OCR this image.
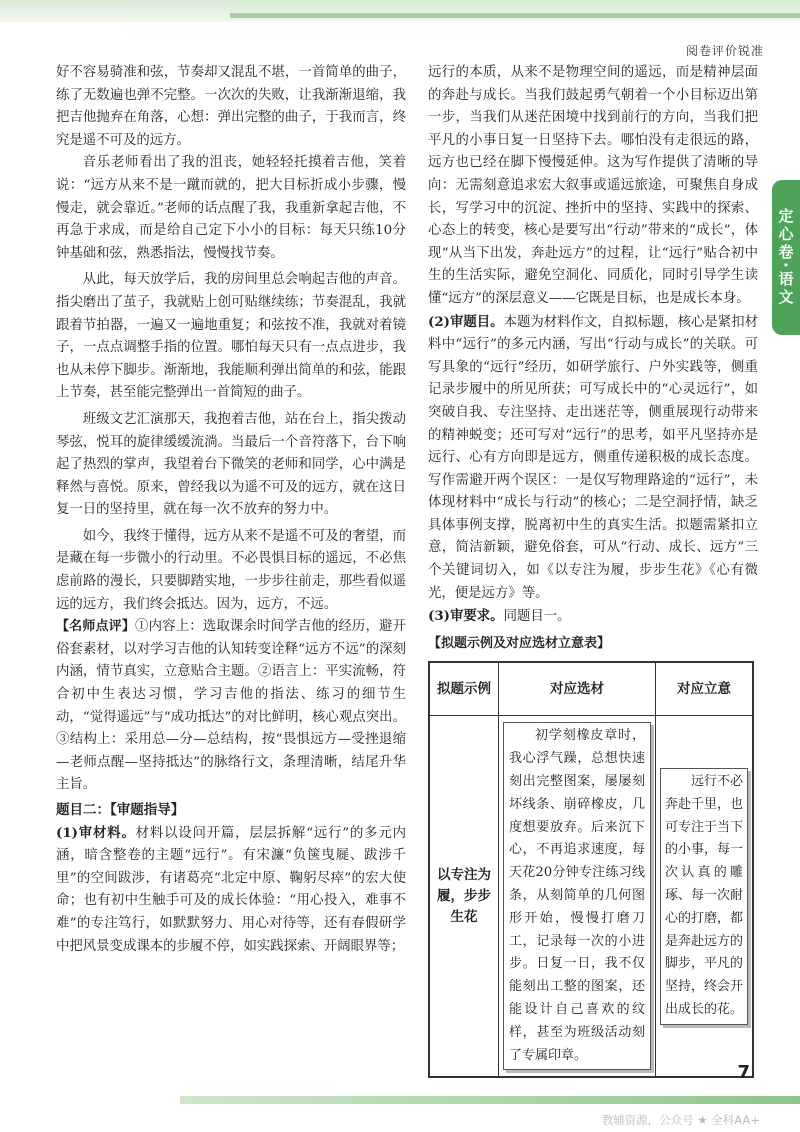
阅卷评价锐准
定心卷·语文

好不容易骑准和弦，节奏却又混乱不堪，一首简单的曲子，练了无数遍也弹不完整。一次次的失败，让我渐渐退缩，我把吉他抛弃在角落，心想：弹出完整的曲子，于我而言，终究是遥不可及的远方。

音乐老师看出了我的沮丧，她轻轻托摸着吉他，笑着说：“远方从来不是一蹴而就的，把大目标折成小步骤，慢慢走，就会靠近。”老师的话点醒了我，我重新拿起吉他，不再急于求成，而是给自己定下小小的目标：每天只练10分钟基础和弦，熟悉指法，慢慢找节奏。

从此，每天放学后，我的房间里总会响起吉他的声音。指尖磨出了茧子，我就贴上创可贴继续练；节奏混乱，我就跟着节拍器，一遍又一遍地重复；和弦按不准，我就对着镜子，一点点调整手指的位置。哪怕每天只有一点点进步，我也从未停下脚步。渐渐地，我能顺利弹出简单的和弦，能跟上节奏，甚至能完整弹出一首简短的曲子。

班级文艺汇演那天，我抱着吉他，站在台上，指尖拨动琴弦，悦耳的旋律缓缓流淌。当最后一个音符落下，台下响起了热烈的掌声，我望着台下微笑的老师和同学，心中满是释然与喜悦。原来，曾经我以为遥不可及的远方，就在这日复一日的坚持里，就在每一次不放弃的努力中。

如今，我终于懂得，远方从来不是遥不可及的奢望，而是藏在每一步微小的行动里。不必畏惧目标的遥远，不必焦虑前路的漫长，只要脚踏实地，一步步往前走，那些看似遥远的远方，我们终会抵达。因为，远方，不远。

【名师点评】①内容上：选取课余时间学吉他的经历，避开俗套素材，以对学习吉他的认知转变诠释“远方不远”的深刻内涵，情节真实，立意贴合主题。②语言上：平实流畅，符合初中生表达习惯，学习吉他的指法、练习的细节生动，“觉得遥远”与“成功抵达”的对比鲜明，核心观点突出。③结构上：采用总—分—总结构，按“畏惧远方—受挫退缩—老师点醒—坚持抵达”的脉络行文，条理清晰，结尾升华主旨。

题目二：【审题指导】

(1)审材料。材料以设问开篇，层层拆解“远行”的多元内涵，暗含整卷的主题“远行”。有宋濂“负箧曳屣、跋涉千里”的空间跋涉，有诸葛亮“北定中原、鞠躬尽瘁”的宏大使命；也有初中生触手可及的成长体验：“用心投入，难事不难”的专注笃行，如默默努力、用心对待等，还有春假研学中把风景变成课本的步履不停，如实践探索、开阔眼界等；

远行的本质，从来不是物理空间的遥远，而是精神层面的奔赴与成长。当我们鼓起勇气朝着一个小目标迈出第一步，当我们从迷茫困境中找到前行的方向，当我们把平凡的小事日复一日坚持下去。哪怕没有走很远的路，远方也已经在脚下慢慢延伸。这为写作提供了清晰的导向：无需刻意追求宏大叙事或遥远旅途，可聚焦自身成长，写学习中的沉淀、挫折中的坚持、实践中的探索、心态上的转变，核心是要写出“行动”带来的“成长”，体现“从当下出发，奔赴远方”的过程，让“远行”贴合初中生的生活实际，避免空洞化、同质化，同时引导学生读懂“远方”的深层意义——它既是目标，也是成长本身。

(2)审题目。本题为材料作文，自拟标题，核心是紧扣材料中“远行”的多元内涵，写出“行动与成长”的关联。可写具象的“远行”经历，如研学旅行、户外实践等，侧重记录步履中的所见所获；可写成长中的“心灵远行”，如突破自我、专注坚持、走出迷茫等，侧重展现行动带来的精神蜕变；还可写对“远行”的思考，如平凡坚持亦是远行、心有方向即是远方，侧重传递积极的成长态度。写作需避开两个误区：一是仅写物理路途的“远行”，未体现材料中“成长与行动”的核心；二是空洞抒情，缺乏具体事例支撑，脱离初中生的真实生活。拟题需紧扣立意，简洁新颖，避免俗套，可从“行动、成长、远方”三个关键词切入，如《以专注为履，步步生花》《心有微光，便是远方》等。

(3)审要求。同题目一。

【拟题示例及对应选材立意表】

拟题示例	对应选材	对应立意
以专注为履，步步生花	初学刻橡皮章时，我心浮气躁，总想快速刻出完整图案，屡屡刻坏线条、崩碎橡皮，几度想要放弃。后来沉下心，不再追求速度，每天花20分钟专注练习线条，从刻简单的几何图形开始，慢慢打磨刀工，记录每一次的小进步。日复一日，我不仅能刻出工整的图案，还能设计自己喜欢的纹样，甚至为班级活动刻了专属印章。	远行不必奔赴千里，也可专注于当下的小事，每一次认真的雕琢、每一次耐心的打磨，都是奔赴远方的脚步，平凡的坚持，终会开出成长的花。
7
教辅资源，公众号 ★ 全科AA+
